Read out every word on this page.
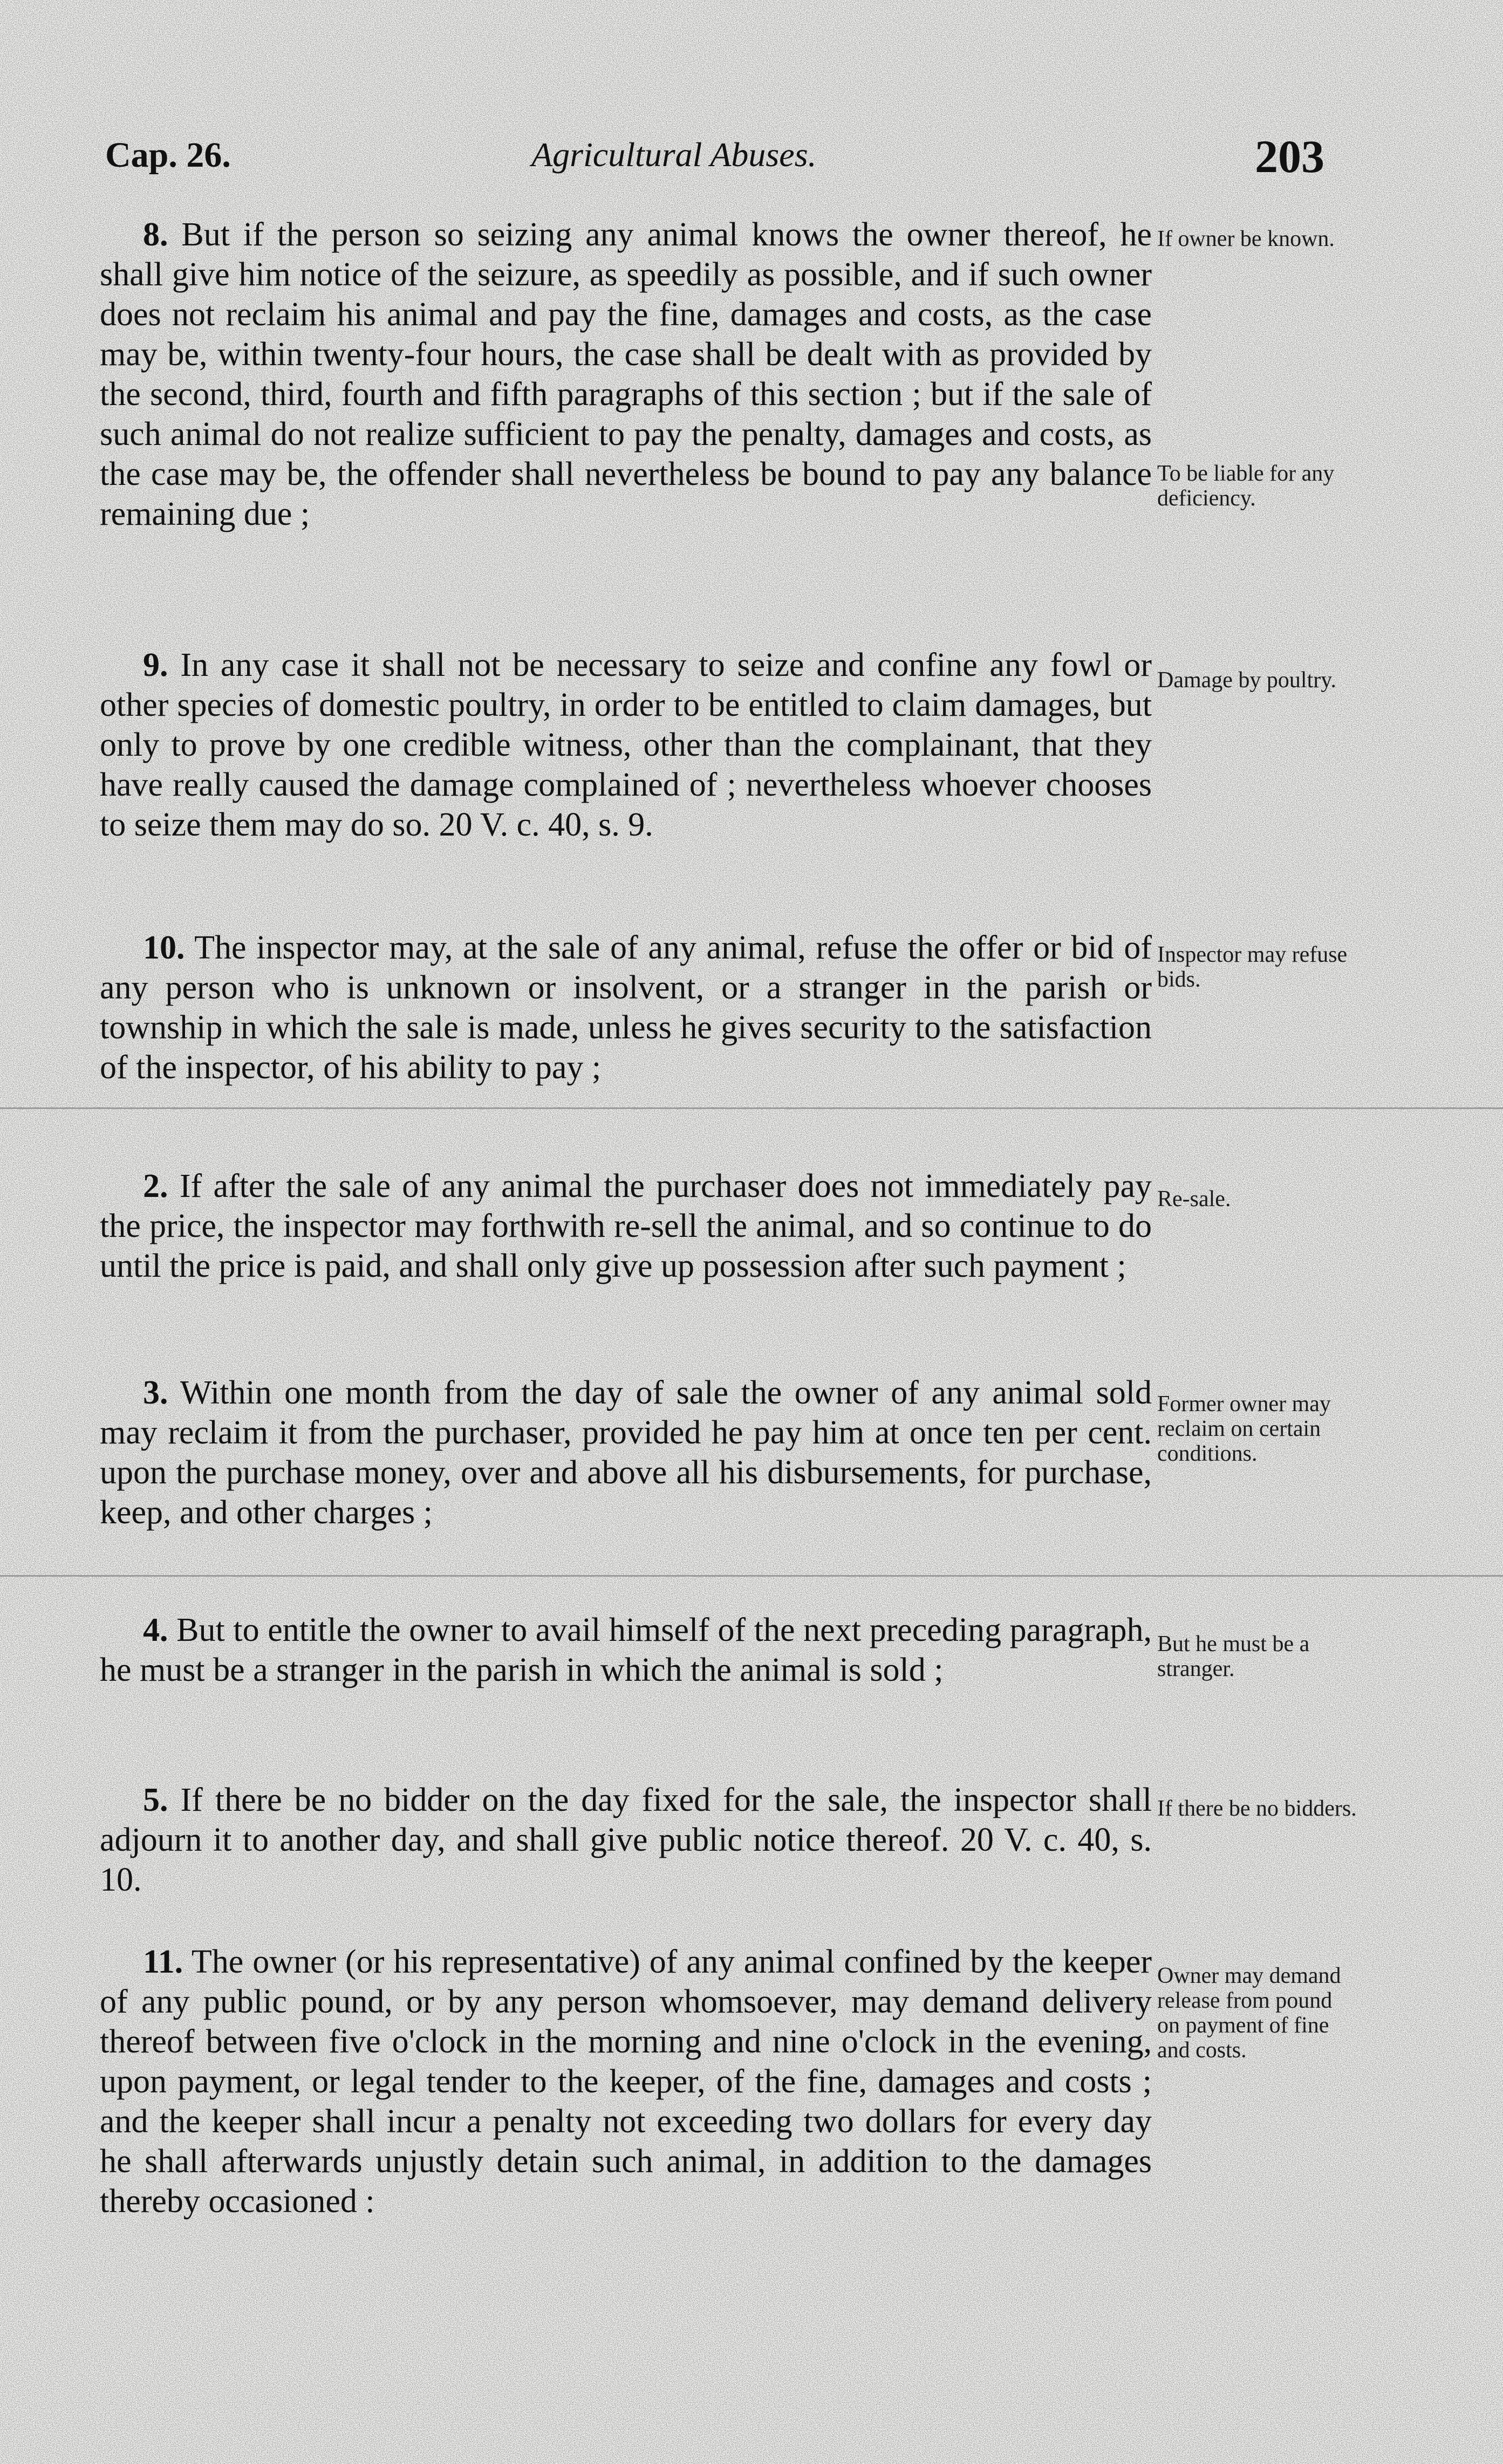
Cap. 26.	Agricultural Abuses.	203

8. But if the person so seizing any animal knows the owner thereof, he shall give him notice of the seizure, as speedily as possible, and if such owner does not reclaim his animal and pay the fine, damages and costs, as the case may be, within twenty-four hours, the case shall be dealt with as provided by the second, third, fourth and fifth paragraphs of this section ; but if the sale of such animal do not realize sufficient to pay the penalty, damages and costs, as the case may be, the offender shall nevertheless be bound to pay any balance remaining due ;

If owner be known.
To be liable for any deficiency.

9. In any case it shall not be necessary to seize and confine any fowl or other species of domestic poultry, in order to be entitled to claim damages, but only to prove by one credible witness, other than the complainant, that they have really caused the damage complained of ; nevertheless whoever chooses to seize them may do so. 20 V. c. 40, s. 9.

Damage by poultry.

10. The inspector may, at the sale of any animal, refuse the offer or bid of any person who is unknown or insolvent, or a stranger in the parish or township in which the sale is made, unless he gives security to the satisfaction of the inspector, of his ability to pay ;

Inspector may refuse bids.

2. If after the sale of any animal the purchaser does not immediately pay the price, the inspector may forthwith re-sell the animal, and so continue to do until the price is paid, and shall only give up possession after such payment ;

Re-sale.

3. Within one month from the day of sale the owner of any animal sold may reclaim it from the purchaser, provided he pay him at once ten per cent. upon the purchase money, over and above all his disbursements, for purchase, keep, and other charges ;

Former owner may reclaim on certain conditions.

4. But to entitle the owner to avail himself of the next preceding paragraph, he must be a stranger in the parish in which the animal is sold ;

But he must be a stranger.

5. If there be no bidder on the day fixed for the sale, the inspector shall adjourn it to another day, and shall give public notice thereof. 20 V. c. 40, s. 10.

If there be no bidders.

11. The owner (or his representative) of any animal confined by the keeper of any public pound, or by any person whomsoever, may demand delivery thereof between five o'clock in the morning and nine o'clock in the evening, upon payment, or legal tender to the keeper, of the fine, damages and costs ; and the keeper shall incur a penalty not exceeding two dollars for every day he shall afterwards unjustly detain such animal, in addition to the damages thereby occasioned :

Owner may demand release from pound on payment of fine and costs.
